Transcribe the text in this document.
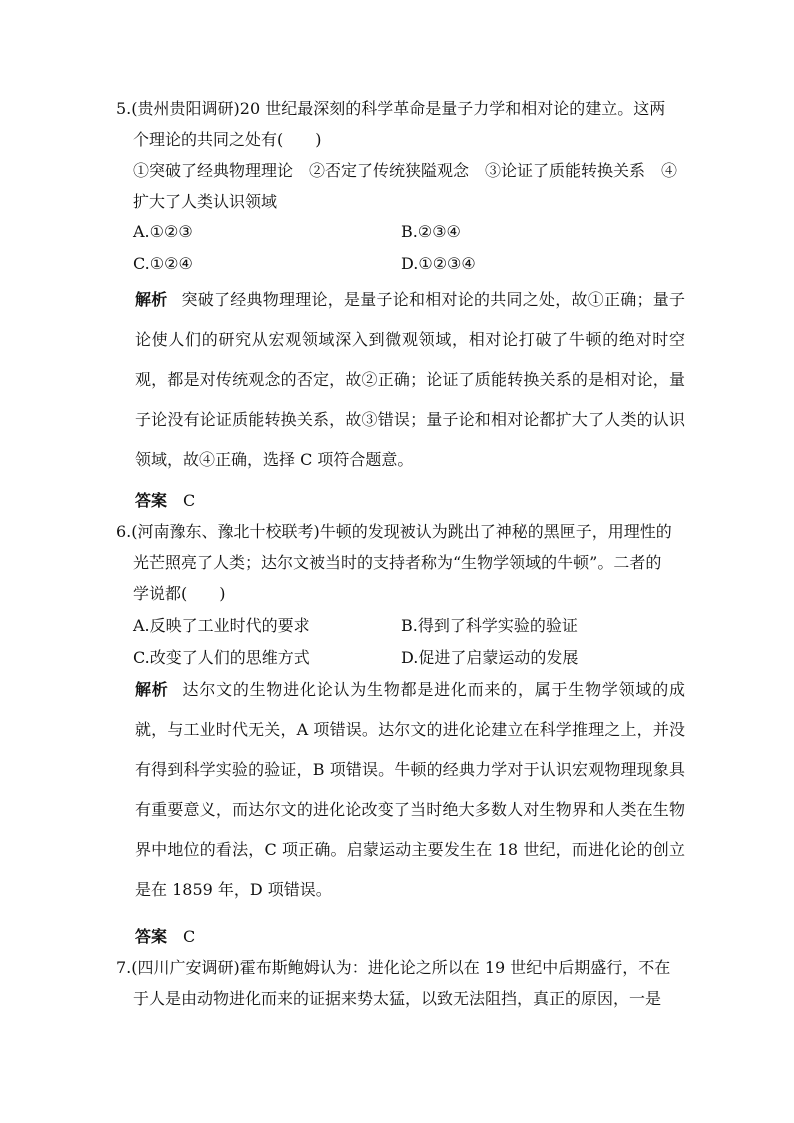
5.(贵州贵阳调研)20 世纪最深刻的科学革命是量子力学和相对论的建立。这两
个理论的共同之处有(　　)
①突破了经典物理理论　②否定了传统狭隘观念　③论证了质能转换关系　④
扩大了人类认识领域
A.①②③	B.②③④
C.①②④	D.①②③④
解析 突破了经典物理理论，是量子论和相对论的共同之处，故①正确；量子论使人们的研究从宏观领域深入到微观领域，相对论打破了牛顿的绝对时空观，都是对传统观念的否定，故②正确；论证了质能转换关系的是相对论，量子论没有论证质能转换关系，故③错误；量子论和相对论都扩大了人类的认识领域，故④正确，选择 C 项符合题意。
答案 C
6.(河南豫东、豫北十校联考)牛顿的发现被认为跳出了神秘的黑匣子，用理性的
光芒照亮了人类；达尔文被当时的支持者称为“生物学领域的牛顿”。二者的
学说都(　　)
A.反映了工业时代的要求	B.得到了科学实验的验证
C.改变了人们的思维方式	D.促进了启蒙运动的发展
解析 达尔文的生物进化论认为生物都是进化而来的，属于生物学领域的成就，与工业时代无关，A 项错误。达尔文的进化论建立在科学推理之上，并没有得到科学实验的验证，B 项错误。牛顿的经典力学对于认识宏观物理现象具有重要意义，而达尔文的进化论改变了当时绝大多数人对生物界和人类在生物界中地位的看法，C 项正确。启蒙运动主要发生在 18 世纪，而进化论的创立是在 1859 年，D 项错误。
答案 C
7.(四川广安调研)霍布斯鲍姆认为：进化论之所以在 19 世纪中后期盛行，不在
于人是由动物进化而来的证据来势太猛，以致无法阻挡，真正的原因，一是
